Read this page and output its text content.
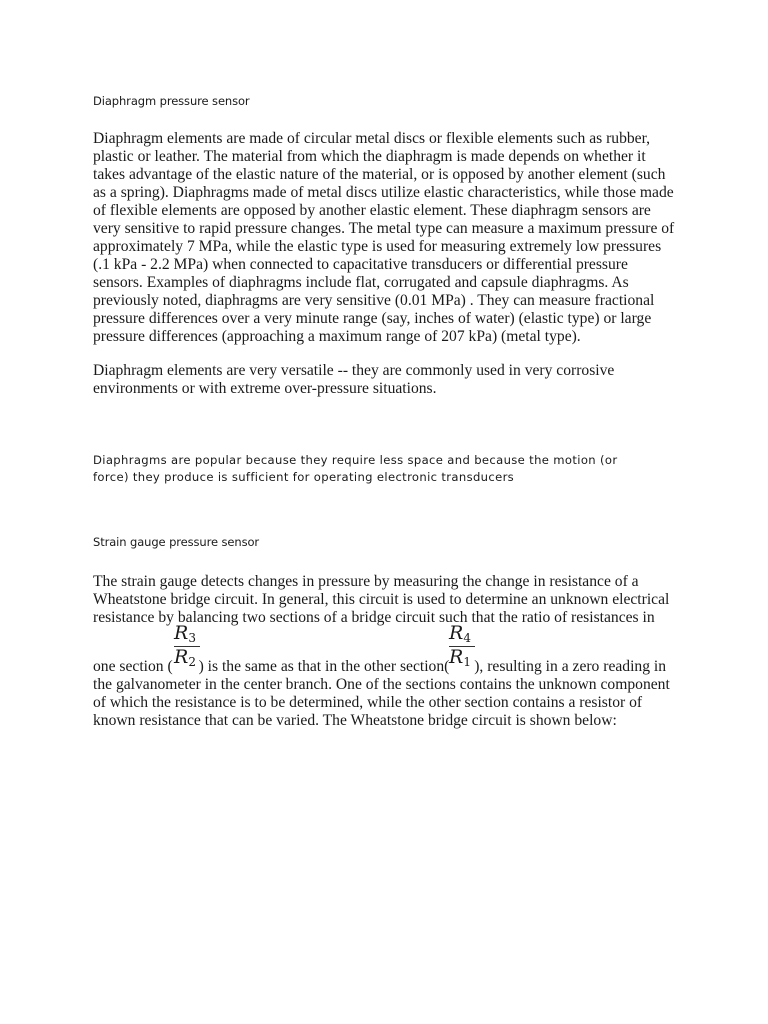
Diaphragm pressure sensor
Diaphragm elements are made of circular metal discs or flexible elements such as rubber,
plastic or leather. The material from which the diaphragm is made depends on whether it
takes advantage of the elastic nature of the material, or is opposed by another element (such
as a spring). Diaphragms made of metal discs utilize elastic characteristics, while those made
of flexible elements are opposed by another elastic element. These diaphragm sensors are
very sensitive to rapid pressure changes. The metal type can measure a maximum pressure of
approximately 7 MPa, while the elastic type is used for measuring extremely low pressures
(.1 kPa - 2.2 MPa) when connected to capacitative transducers or differential pressure
sensors. Examples of diaphragms include flat, corrugated and capsule diaphragms. As
previously noted, diaphragms are very sensitive (0.01 MPa) . They can measure fractional
pressure differences over a very minute range (say, inches of water) (elastic type) or large
pressure differences (approaching a maximum range of 207 kPa) (metal type).
Diaphragm elements are very versatile -- they are commonly used in very corrosive
environments or with extreme over-pressure situations.
Diaphragms are popular because they require less space and because the motion (or
force) they produce is sufficient for operating electronic transducers
Strain gauge pressure sensor
The strain gauge detects changes in pressure by measuring the change in resistance of a
Wheatstone bridge circuit. In general, this circuit is used to determine an unknown electrical
resistance by balancing two sections of a bridge circuit such that the ratio of resistances in
$R_3$
$R_2$
$R_4$
$R_1$
one section ( ) is the same as that in the other section( ), resulting in a zero reading in
the galvanometer in the center branch. One of the sections contains the unknown component
of which the resistance is to be determined, while the other section contains a resistor of
known resistance that can be varied. The Wheatstone bridge circuit is shown below:
